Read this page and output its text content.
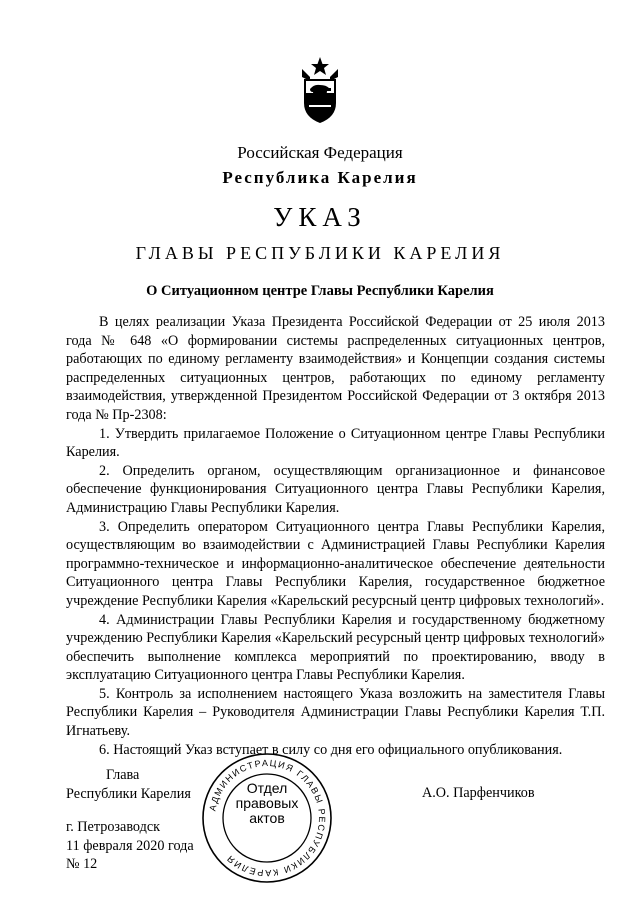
Российская Федерация
Республика Карелия
УКАЗ
ГЛАВЫ РЕСПУБЛИКИ КАРЕЛИЯ
О Ситуационном центре Главы Республики Карелия

В целях реализации Указа Президента Российской Федерации от 25 июля 2013 года № 648 «О формировании системы распределенных ситуационных центров, работающих по единому регламенту взаимодействия» и Концепции создания системы распределенных ситуационных центров, работающих по единому регламенту взаимодействия, утвержденной Президентом Российской Федерации от 3 октября 2013 года № Пр-2308:

1. Утвердить прилагаемое Положение о Ситуационном центре Главы Республики Карелия.

2. Определить органом, осуществляющим организационное и финансовое обеспечение функционирования Ситуационного центра Главы Республики Карелия, Администрацию Главы Республики Карелия.

3. Определить оператором Ситуационного центра Главы Республики Карелия, осуществляющим во взаимодействии с Администрацией Главы Республики Карелия программно-техническое и информационно-аналитическое обеспечение деятельности Ситуационного центра Главы Республики Карелия, государственное бюджетное учреждение Республики Карелия «Карельский ресурсный центр цифровых технологий».

4. Администрации Главы Республики Карелия и государственному бюджетному учреждению Республики Карелия «Карельский ресурсный центр цифровых технологий» обеспечить выполнение комплекса мероприятий по проектированию, вводу в эксплуатацию Ситуационного центра Главы Республики Карелия.

5. Контроль за исполнением настоящего Указа возложить на заместителя Главы Республики Карелия – Руководителя Администрации Главы Республики Карелия Т.П. Игнатьеву.

6. Настоящий Указ вступает в силу со дня его официального опубликования.

Глава
Республики Карелия
АДМИНИСТРАЦИЯ ГЛАВЫ РЕСПУБЛИКИ КАРЕЛИЯ
Отдел
правовых
актов
А.О. Парфенчиков
г. Петрозаводск
11 февраля 2020 года
№ 12
